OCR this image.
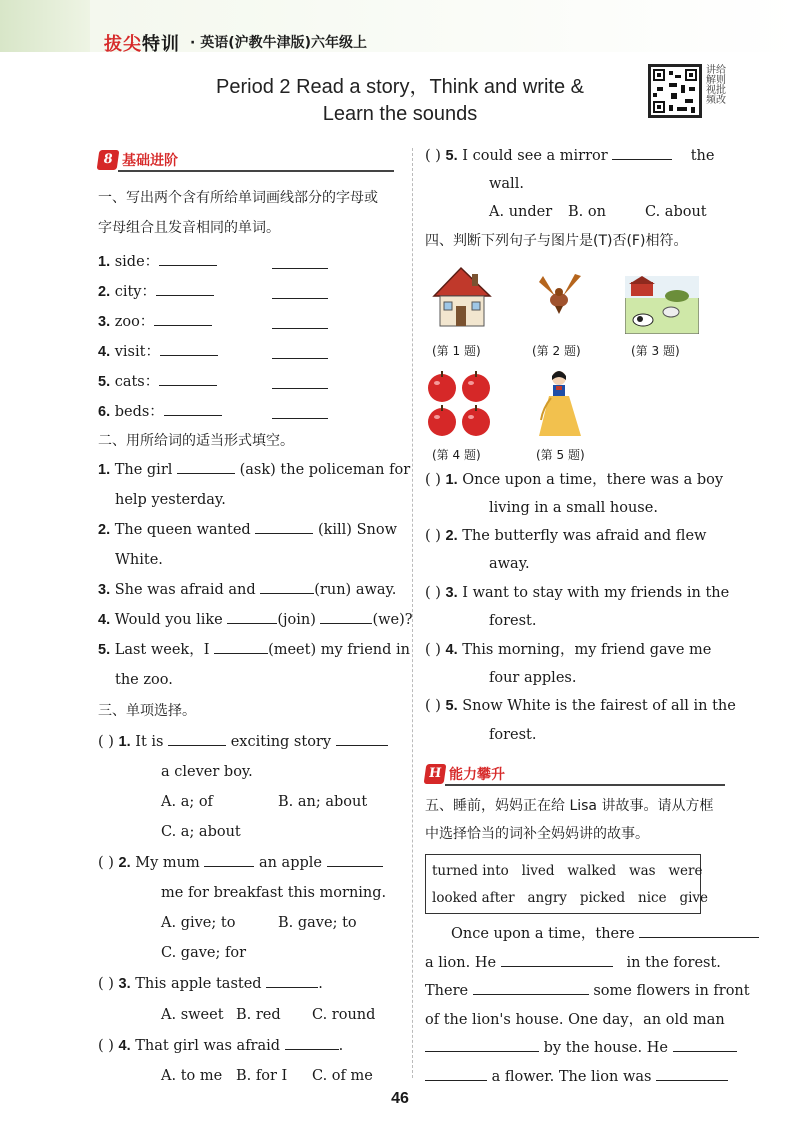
拔尖特训 · 英语(沪教牛津版)六年级上
Period 2 Read a story，Think and write &
Learn the sounds
讲给解则视批频改
8 基础进阶
一、写出两个含有所给单词画线部分的字母或
字母组合且发音相同的单词。
1. side：
2. city：
3. zoo：
4. visit：
5. cats：
6. beds：
二、用所给词的适当形式填空。
1. The girl	(ask) the policeman for
help yesterday.
2. The queen wanted	(kill) Snow
White.
3. She was afraid and	(run) away.
4. Would you like	(join)	(we)?
5. Last week，I	(meet) my friend in
the zoo.
三、单项选择。
( ) 1. It is	exciting story
a clever boy.
A. a; of	B. an; about
C. a; about
( ) 2. My mum	an apple
me for breakfast this morning.
A. give; to	B. gave; to
C. gave; for
( ) 3. This apple tasted	.
A. sweet B. red C. round
( ) 4. That girl was afraid	.
A. to me B. for I C. of me
( ) 5. I could see a mirror	the
wall.
A. under B. on	C. about
四、判断下列句子与图片是(T)否(F)相符。
(第 1 题)	(第 2 题)	(第 3 题)
(第 4 题)	(第 5 题)
( ) 1. Once upon a time，there was a boy
living in a small house.
( ) 2. The butterfly was afraid and flew
away.
( ) 3. I want to stay with my friends in the
forest.
( ) 4. This morning，my friend gave me
four apples.
( ) 5. Snow White is the fairest of all in the
forest.
H 能力攀升
五、睡前，妈妈正在给 Lisa 讲故事。请从方框
中选择恰当的词补全妈妈讲的故事。
turned into lived walked was were
looked after angry picked nice give
Once upon a time，there
a lion. He	in the forest.
There	some flowers in front
of the lion's house. One day，an old man
by the house. He
a flower. The lion was
46
